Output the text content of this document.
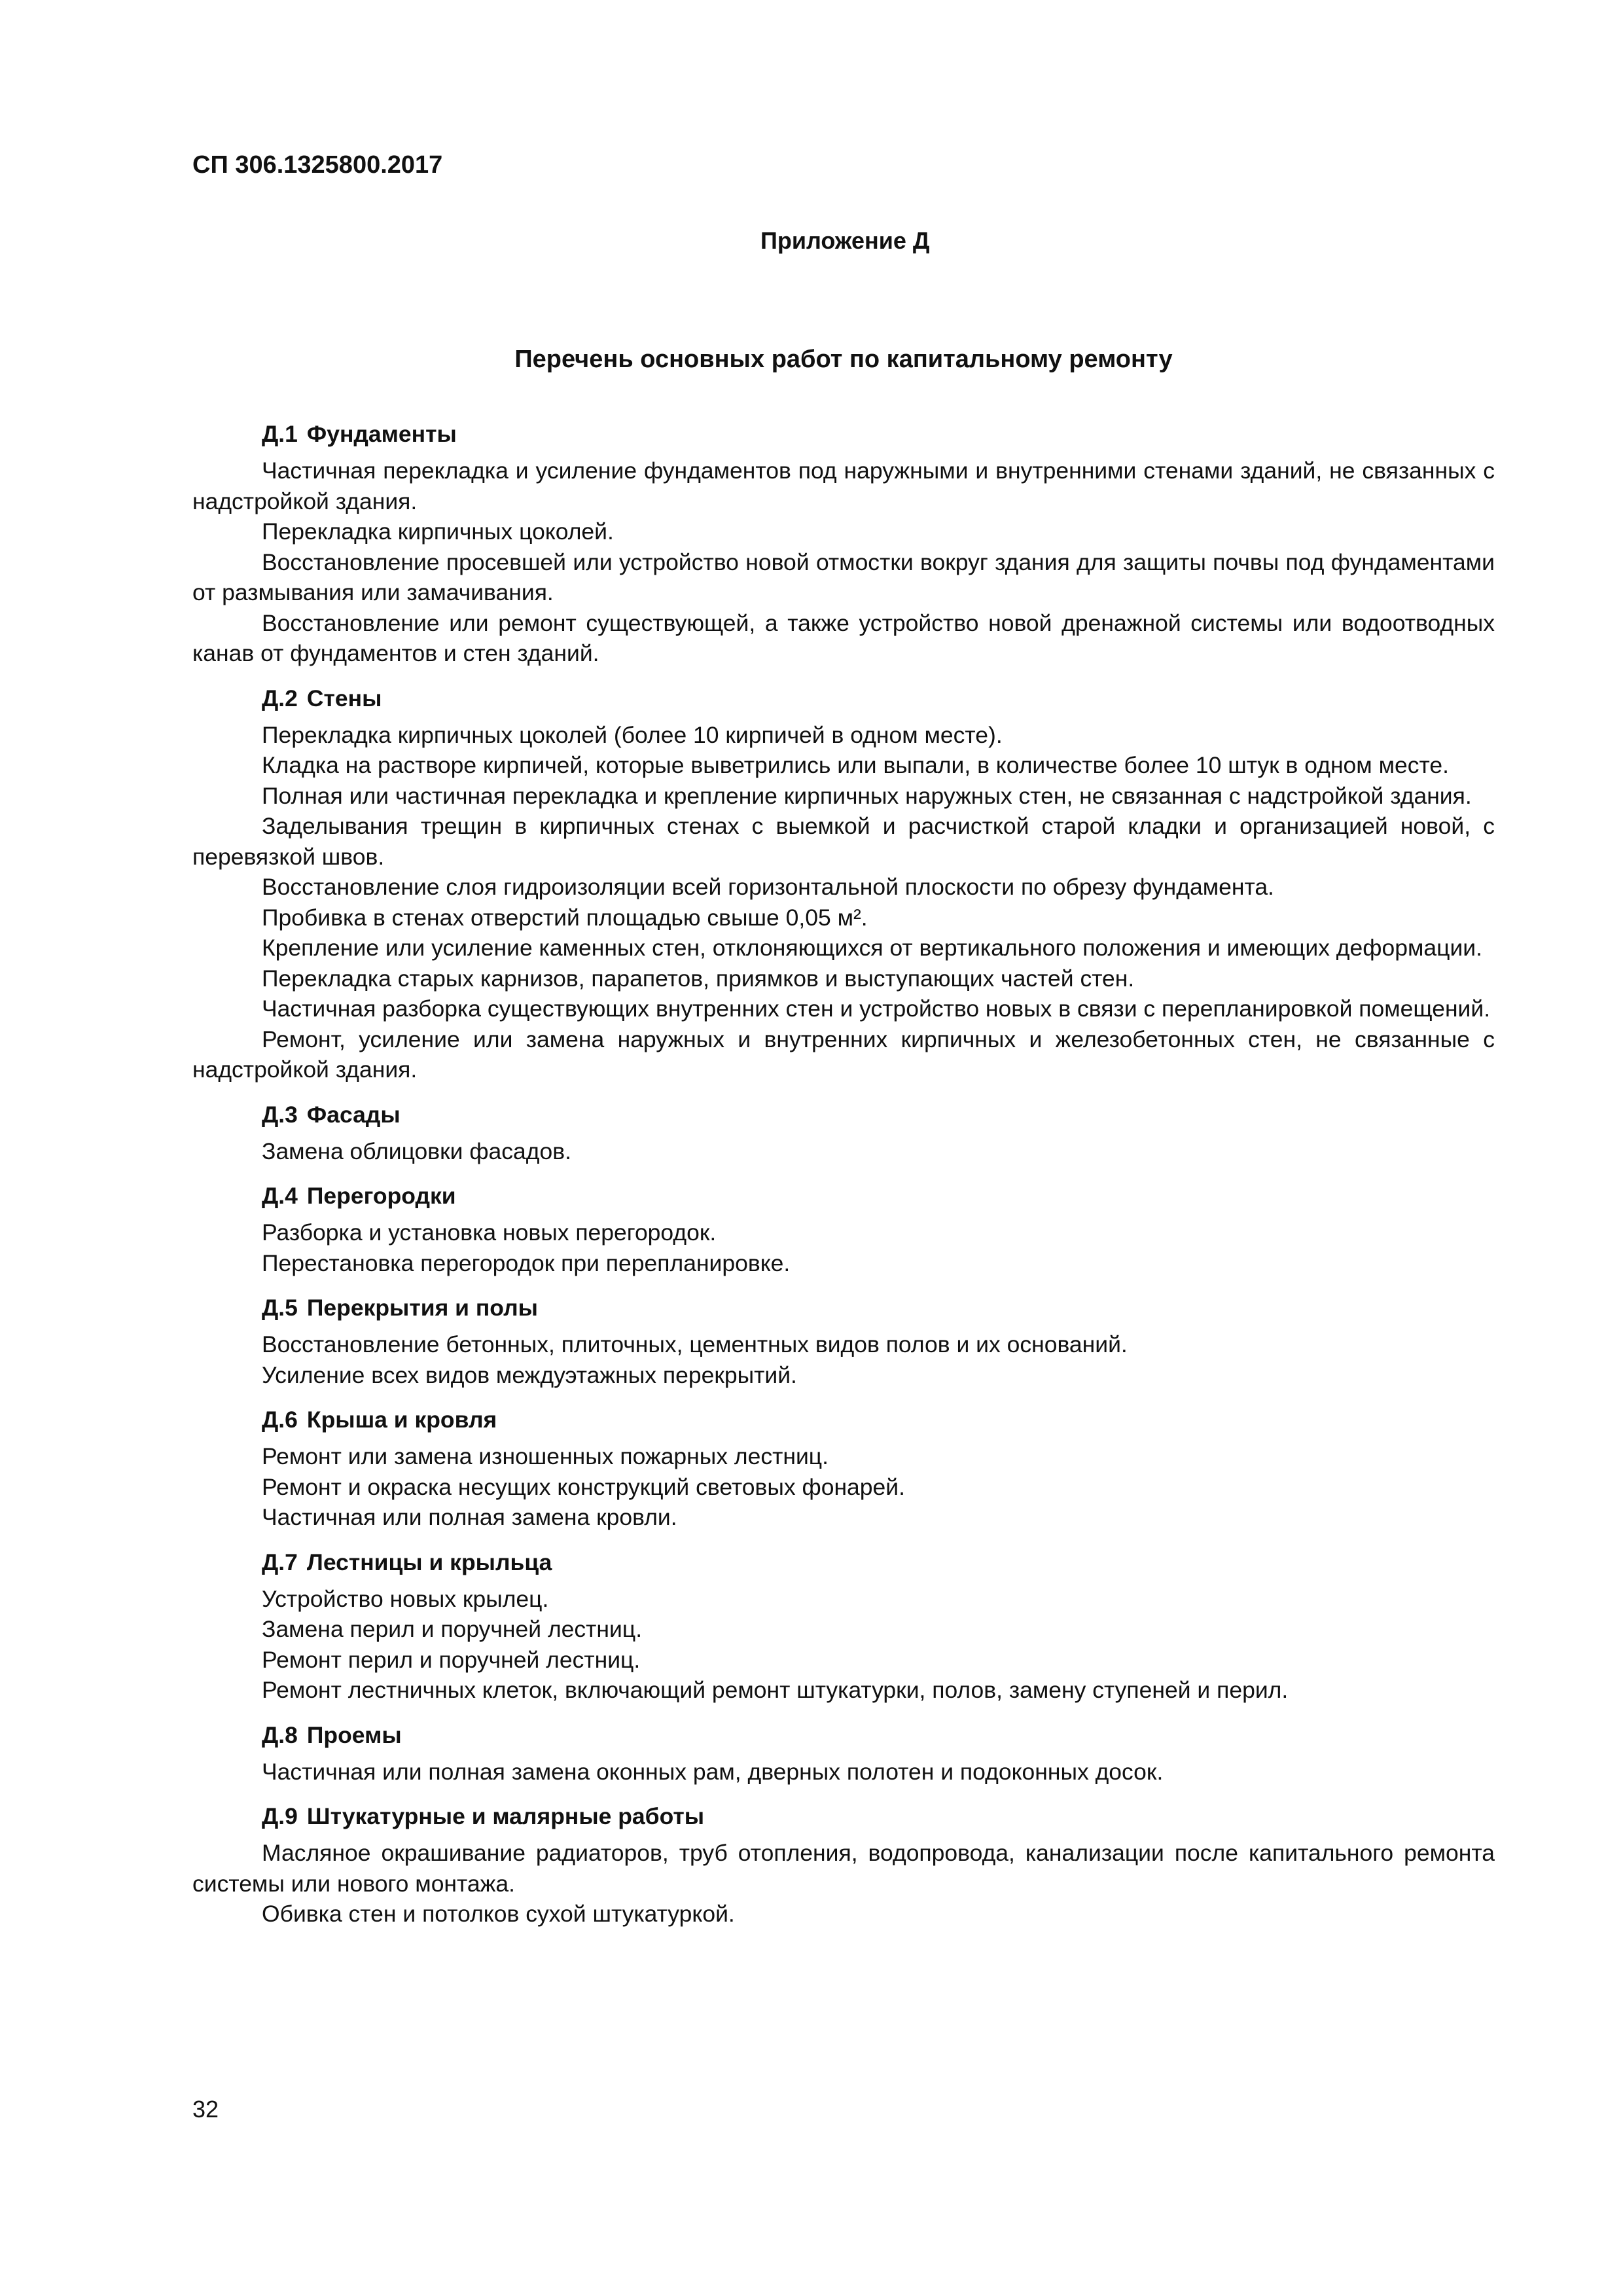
СП 306.1325800.2017
Приложение Д
Перечень основных работ по капитальному ремонту
Д.1 Фундаменты

Частичная перекладка и усиление фундаментов под наружными и внутренними стенами зданий, не связанных с надстройкой здания.

Перекладка кирпичных цоколей.

Восстановление просевшей или устройство новой отмостки вокруг здания для защиты почвы под фундаментами от размывания или замачивания.

Восстановление или ремонт существующей, а также устройство новой дренажной системы или водоотводных канав от фундаментов и стен зданий.

Д.2 Стены

Перекладка кирпичных цоколей (более 10 кирпичей в одном месте).

Кладка на растворе кирпичей, которые выветрились или выпали, в количестве более 10 штук в одном месте.

Полная или частичная перекладка и крепление кирпичных наружных стен, не связанная с надстройкой здания.

Заделывания трещин в кирпичных стенах с выемкой и расчисткой старой кладки и организацией новой, с перевязкой швов.

Восстановление слоя гидроизоляции всей горизонтальной плоскости по обрезу фундамента.

Пробивка в стенах отверстий площадью свыше 0,05 м².

Крепление или усиление каменных стен, отклоняющихся от вертикального положения и имеющих деформации.

Перекладка старых карнизов, парапетов, приямков и выступающих частей стен.

Частичная разборка существующих внутренних стен и устройство новых в связи с перепланировкой помещений.

Ремонт, усиление или замена наружных и внутренних кирпичных и железобетонных стен, не связанные с надстройкой здания.

Д.3 Фасады

Замена облицовки фасадов.

Д.4 Перегородки

Разборка и установка новых перегородок.

Перестановка перегородок при перепланировке.

Д.5 Перекрытия и полы

Восстановление бетонных, плиточных, цементных видов полов и их оснований.

Усиление всех видов междуэтажных перекрытий.

Д.6 Крыша и кровля

Ремонт или замена изношенных пожарных лестниц.

Ремонт и окраска несущих конструкций световых фонарей.

Частичная или полная замена кровли.

Д.7 Лестницы и крыльца

Устройство новых крылец.

Замена перил и поручней лестниц.

Ремонт перил и поручней лестниц.

Ремонт лестничных клеток, включающий ремонт штукатурки, полов, замену ступеней и перил.

Д.8 Проемы

Частичная или полная замена оконных рам, дверных полотен и подоконных досок.

Д.9 Штукатурные и малярные работы

Масляное окрашивание радиаторов, труб отопления, водопровода, канализации после капитального ремонта системы или нового монтажа.

Обивка стен и потолков сухой штукатуркой.

32
